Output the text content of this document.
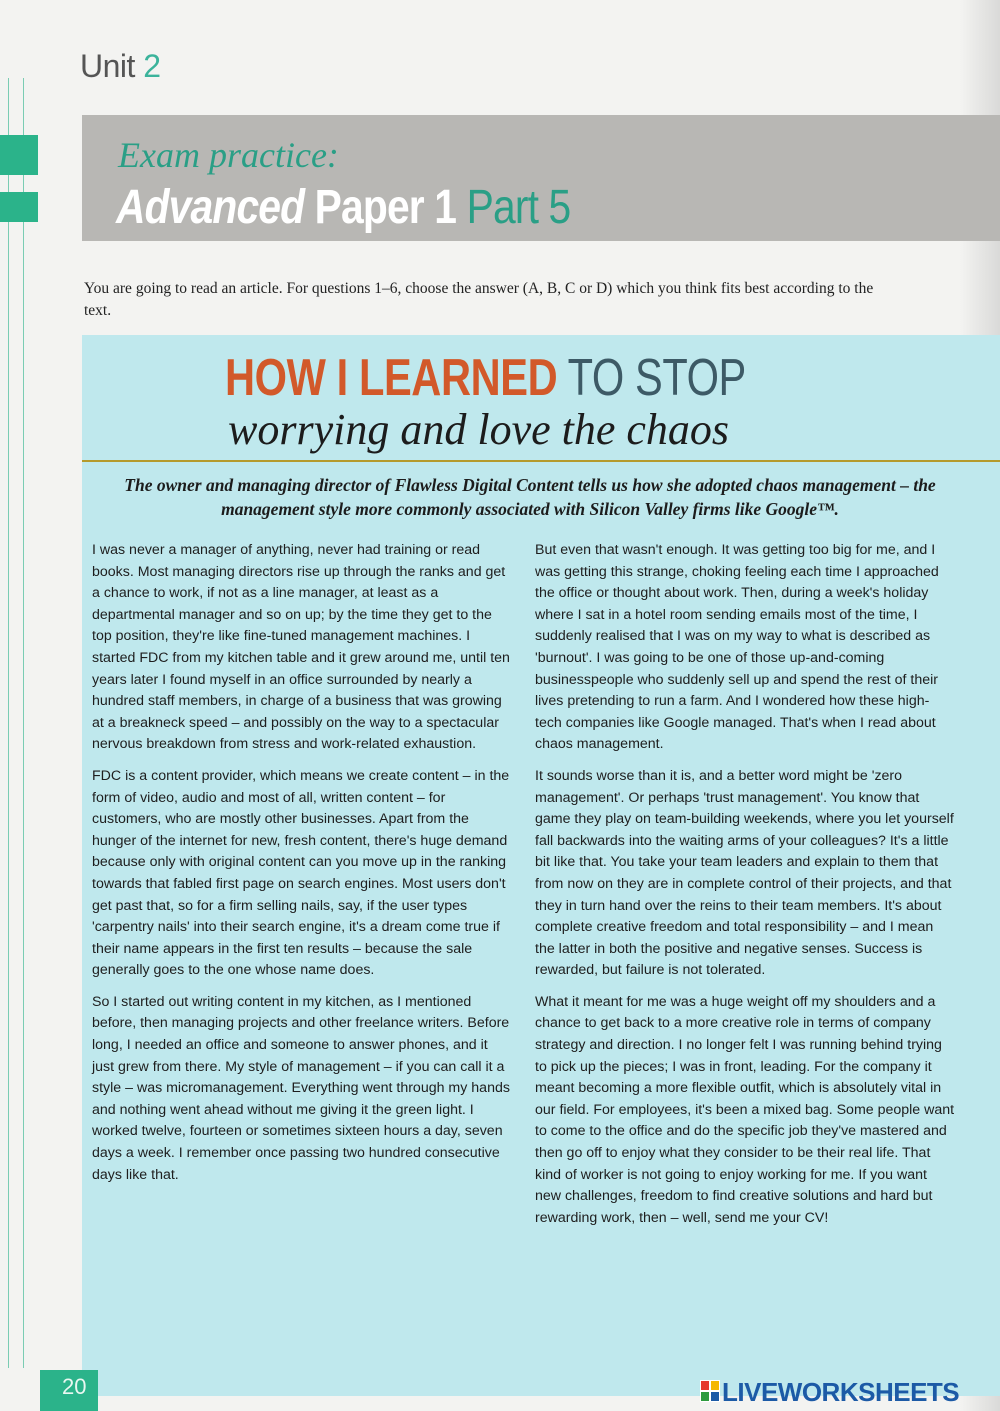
Unit 2
Exam practice:
Advanced Paper 1 Part 5
You are going to read an article. For questions 1–6, choose the answer (A, B, C or D) which you think fits best according to the text.
HOW I LEARNED TO STOP
worrying and love the chaos
The owner and managing director of Flawless Digital Content tells us how she adopted chaos management – the management style more commonly associated with Silicon Valley firms like Google™.

I was never a manager of anything, never had training or read books. Most managing directors rise up through the ranks and get a chance to work, if not as a line manager, at least as a departmental manager and so on up; by the time they get to the top position, they're like fine-tuned management machines. I started FDC from my kitchen table and it grew around me, until ten years later I found myself in an office surrounded by nearly a hundred staff members, in charge of a business that was growing at a breakneck speed – and possibly on the way to a spectacular nervous breakdown from stress and work-related exhaustion.

FDC is a content provider, which means we create content – in the form of video, audio and most of all, written content – for customers, who are mostly other businesses. Apart from the hunger of the internet for new, fresh content, there's huge demand because only with original content can you move up in the ranking towards that fabled first page on search engines. Most users don't get past that, so for a firm selling nails, say, if the user types 'carpentry nails' into their search engine, it's a dream come true if their name appears in the first ten results – because the sale generally goes to the one whose name does.

So I started out writing content in my kitchen, as I mentioned before, then managing projects and other freelance writers. Before long, I needed an office and someone to answer phones, and it just grew from there. My style of management – if you can call it a style – was micromanagement. Everything went through my hands and nothing went ahead without me giving it the green light. I worked twelve, fourteen or sometimes sixteen hours a day, seven days a week. I remember once passing two hundred consecutive days like that.

But even that wasn't enough. It was getting too big for me, and I was getting this strange, choking feeling each time I approached the office or thought about work. Then, during a week's holiday where I sat in a hotel room sending emails most of the time, I suddenly realised that I was on my way to what is described as 'burnout'. I was going to be one of those up-and-coming businesspeople who suddenly sell up and spend the rest of their lives pretending to run a farm. And I wondered how these high-tech companies like Google managed. That's when I read about chaos management.

It sounds worse than it is, and a better word might be 'zero management'. Or perhaps 'trust management'. You know that game they play on team-building weekends, where you let yourself fall backwards into the waiting arms of your colleagues? It's a little bit like that. You take your team leaders and explain to them that from now on they are in complete control of their projects, and that they in turn hand over the reins to their team members. It's about complete creative freedom and total responsibility – and I mean the latter in both the positive and negative senses. Success is rewarded, but failure is not tolerated.

What it meant for me was a huge weight off my shoulders and a chance to get back to a more creative role in terms of company strategy and direction. I no longer felt I was running behind trying to pick up the pieces; I was in front, leading. For the company it meant becoming a more flexible outfit, which is absolutely vital in our field. For employees, it's been a mixed bag. Some people want to come to the office and do the specific job they've mastered and then go off to enjoy what they consider to be their real life. That kind of worker is not going to enjoy working for me. If you want new challenges, freedom to find creative solutions and hard but rewarding work, then – well, send me your CV!

20	LIVEWORKSHEETS
